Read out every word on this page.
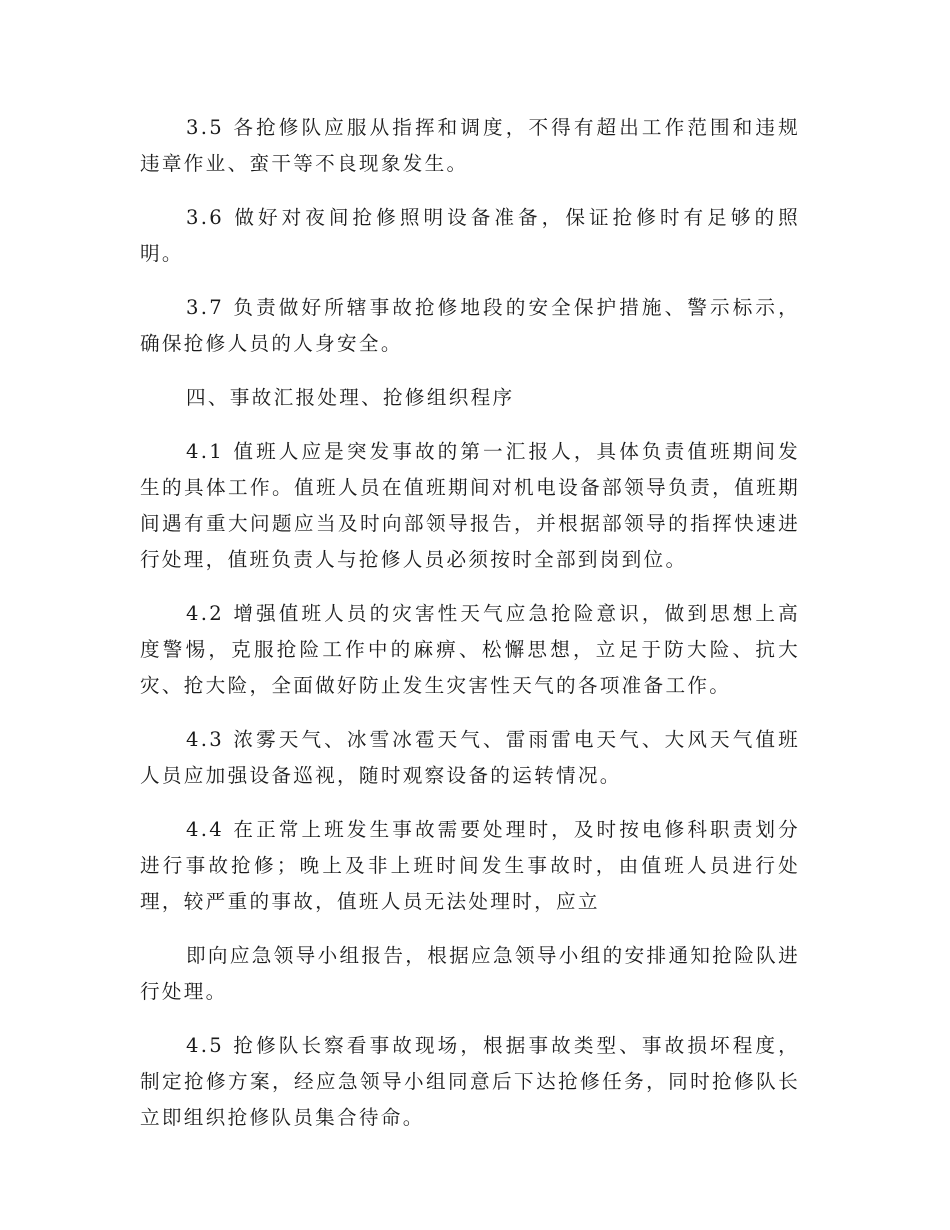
3.5 各抢修队应服从指挥和调度，不得有超出工作范围和违规违章作业、蛮干等不良现象发生。

3.6 做好对夜间抢修照明设备准备，保证抢修时有足够的照明。

3.7 负责做好所辖事故抢修地段的安全保护措施、警示标示，确保抢修人员的人身安全。

四、事故汇报处理、抢修组织程序

4.1 值班人应是突发事故的第一汇报人，具体负责值班期间发生的具体工作。值班人员在值班期间对机电设备部领导负责，值班期间遇有重大问题应当及时向部领导报告，并根据部领导的指挥快速进行处理，值班负责人与抢修人员必须按时全部到岗到位。

4.2 增强值班人员的灾害性天气应急抢险意识，做到思想上高度警惕，克服抢险工作中的麻痹、松懈思想，立足于防大险、抗大灾、抢大险，全面做好防止发生灾害性天气的各项准备工作。

4.3 浓雾天气、冰雪冰雹天气、雷雨雷电天气、大风天气值班人员应加强设备巡视，随时观察设备的运转情况。

4.4 在正常上班发生事故需要处理时，及时按电修科职责划分进行事故抢修；晚上及非上班时间发生事故时，由值班人员进行处理，较严重的事故，值班人员无法处理时，应立

即向应急领导小组报告，根据应急领导小组的安排通知抢险队进行处理。

4.5 抢修队长察看事故现场，根据事故类型、事故损坏程度，制定抢修方案，经应急领导小组同意后下达抢修任务，同时抢修队长立即组织抢修队员集合待命。
